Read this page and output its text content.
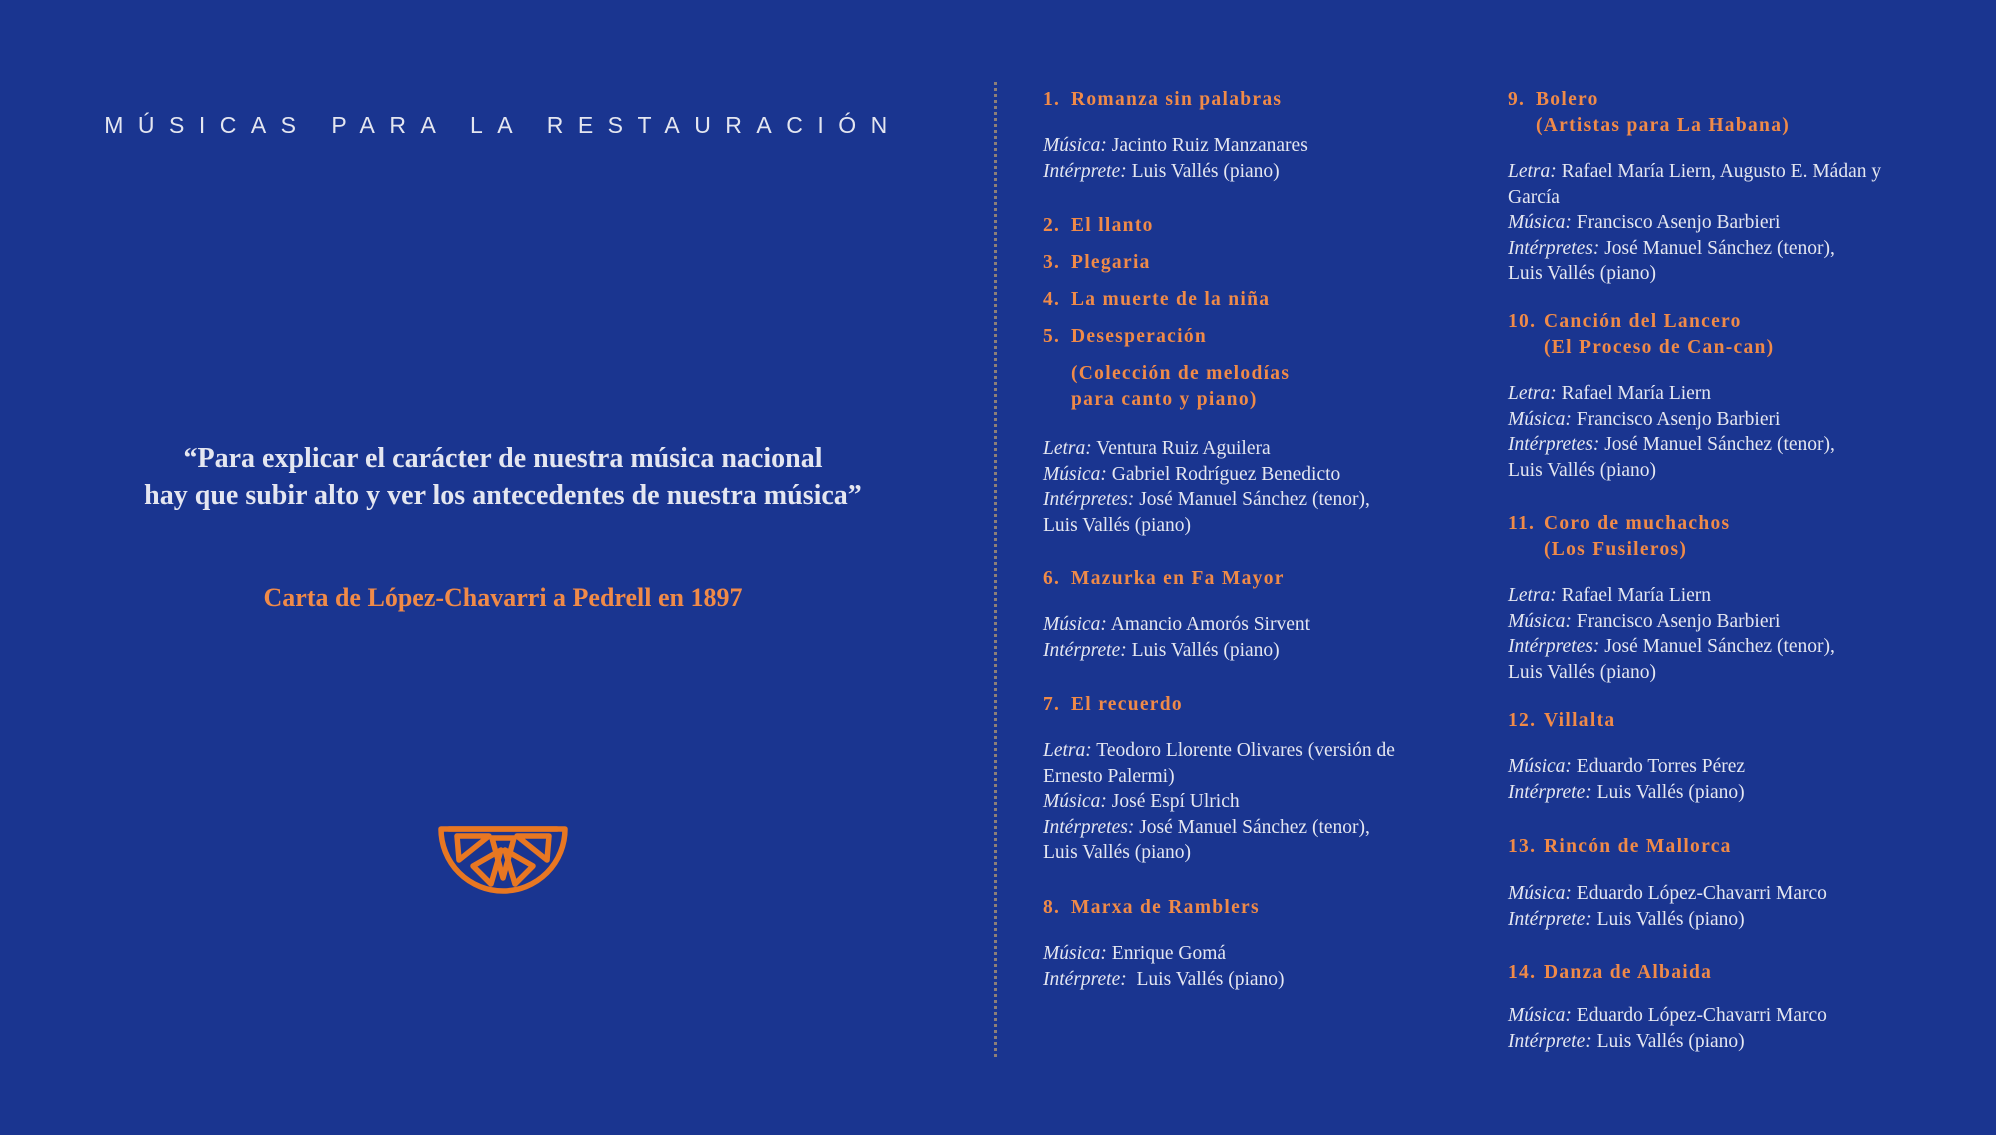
MÚSICAS PARA LA RESTAURACIÓN
“Para explicar el carácter de nuestra música nacional
hay que subir alto y ver los antecedentes de nuestra música”
Carta de López-Chavarri a Pedrell en 1897
1. Romanza sin palabras
Música: Jacinto Ruiz Manzanares
Intérprete: Luis Vallés (piano)
2. El llanto
3. Plegaria
4. La muerte de la niña
5. Desesperación
(Colección de melodías
para canto y piano)
Letra: Ventura Ruiz Aguilera
Música: Gabriel Rodríguez Benedicto
Intérpretes: José Manuel Sánchez (tenor),
Luis Vallés (piano)
6. Mazurka en Fa Mayor
Música: Amancio Amorós Sirvent
Intérprete: Luis Vallés (piano)
7. El recuerdo
Letra: Teodoro Llorente Olivares (versión de Ernesto Palermi)
Música: José Espí Ulrich
Intérpretes: José Manuel Sánchez (tenor),
Luis Vallés (piano)
8. Marxa de Ramblers
Música: Enrique Gomá
Intérprete:  Luis Vallés (piano)
9. Bolero
(Artistas para La Habana)
Letra: Rafael María Liern, Augusto E. Mádan y García
Música: Francisco Asenjo Barbieri
Intérpretes: José Manuel Sánchez (tenor),
Luis Vallés (piano)
10. Canción del Lancero
(El Proceso de Can-can)
Letra: Rafael María Liern
Música: Francisco Asenjo Barbieri
Intérpretes: José Manuel Sánchez (tenor),
Luis Vallés (piano)
11. Coro de muchachos
(Los Fusileros)
Letra: Rafael María Liern
Música: Francisco Asenjo Barbieri
Intérpretes: José Manuel Sánchez (tenor),
Luis Vallés (piano)
12. Villalta
Música: Eduardo Torres Pérez
Intérprete: Luis Vallés (piano)
13. Rincón de Mallorca
Música: Eduardo López-Chavarri Marco
Intérprete: Luis Vallés (piano)
14. Danza de Albaida
Música: Eduardo López-Chavarri Marco
Intérprete: Luis Vallés (piano)
